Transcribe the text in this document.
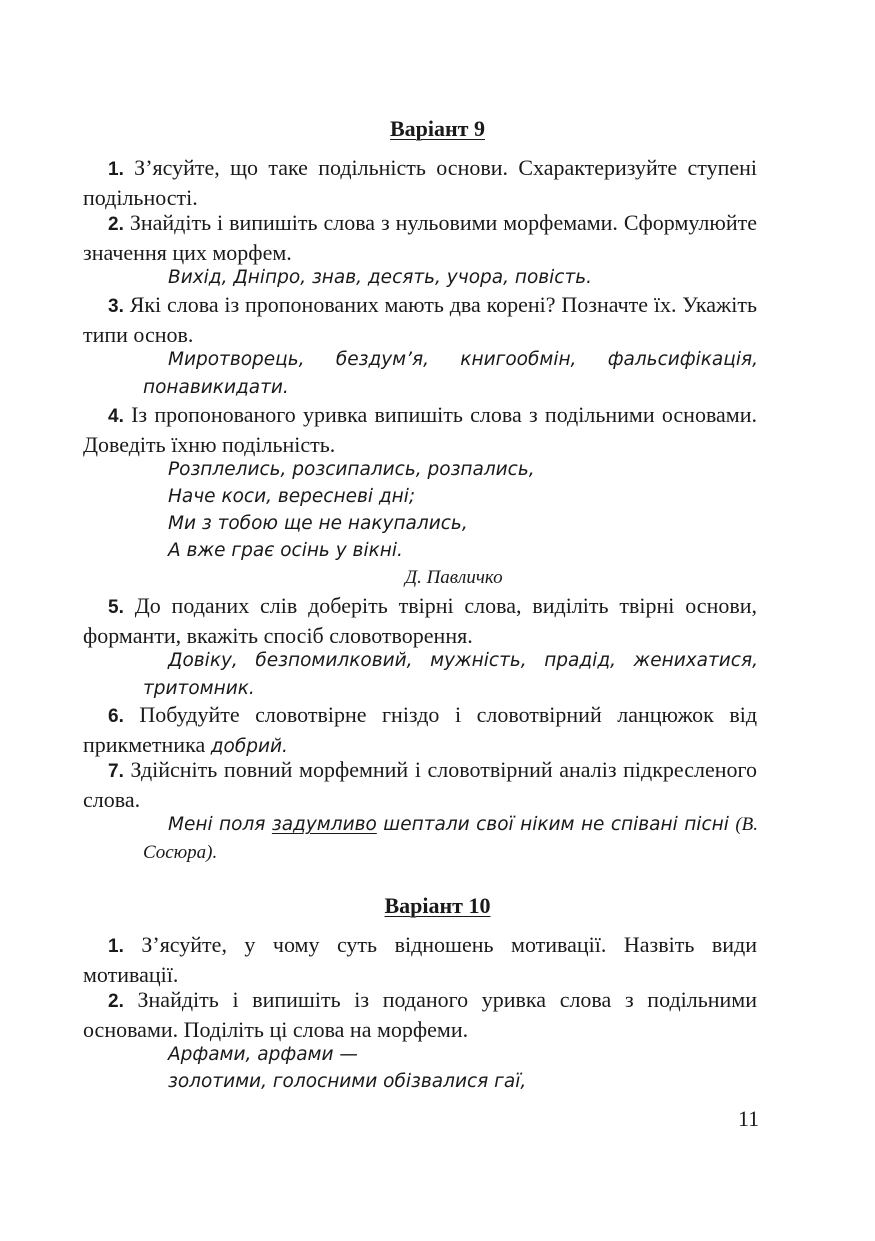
Варіант 9
1. З’ясуйте, що таке подільність основи. Схарактеризуйте ступені подільності.
2. Знайдіть і випишіть слова з нульовими морфемами. Сформулюйте значення цих морфем.
Вихід, Дніпро, знав, десять, учора, повість.
3. Які слова із пропонованих мають два корені? Позначте їх. Укажіть типи основ.
Миротворець, бездум’я, книгообмін, фальсифікація, понавикидати.
4. Із пропонованого уривка випишіть слова з подільними основами. Доведіть їхню подільність.
Розплелись, розсипались, розпались,
Наче коси, вересневі дні;
Ми з тобою ще не накупались,
А вже грає осінь у вікні.
Д. Павличко
5. До поданих слів доберіть твірні слова, виділіть твірні основи, форманти, вкажіть спосіб словотворення.
Довіку, безпомилковий, мужність, прадід, женихатися, тритомник.
6. Побудуйте словотвірне гніздо і словотвірний ланцюжок від прикметника добрий.
7. Здійсніть повний морфемний і словотвірний аналіз підкресленого слова.
Мені поля задумливо шептали свої ніким не співані пісні (В. Сосюра).
Варіант 10
1. З’ясуйте, у чому суть відношень мотивації. Назвіть види мотивації.
2. Знайдіть і випишіть із поданого уривка слова з подільними основами. Поділіть ці слова на морфеми.
Арфами, арфами —
золотими, голосними обізвалися гаї,
11
